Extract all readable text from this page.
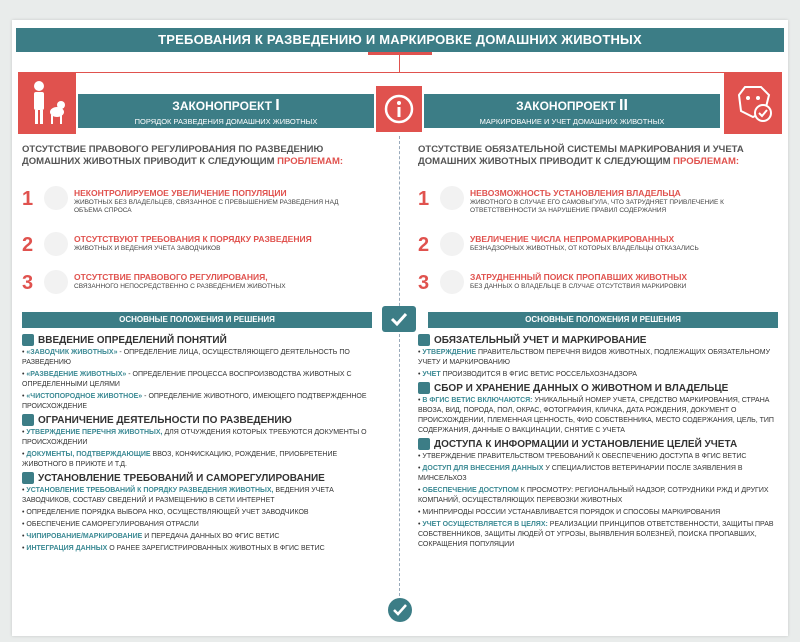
ТРЕБОВАНИЯ К РАЗВЕДЕНИЮ И МАРКИРОВКЕ ДОМАШНИХ ЖИВОТНЫХ
ЗАКОНОПРОЕКТ I
ПОРЯДОК РАЗВЕДЕНИЯ ДОМАШНИХ ЖИВОТНЫХ
ЗАКОНОПРОЕКТ II
МАРКИРОВАНИЕ И УЧЕТ ДОМАШНИХ ЖИВОТНЫХ
ОТСУТСТВИЕ ПРАВОВОГО РЕГУЛИРОВАНИЯ ПО РАЗВЕДЕНИЮ ДОМАШНИХ ЖИВОТНЫХ ПРИВОДИТ К СЛЕДУЮЩИМ ПРОБЛЕМАМ:
ОТСУТСТВИЕ ОБЯЗАТЕЛЬНОЙ СИСТЕМЫ МАРКИРОВАНИЯ И УЧЕТА ДОМАШНИХ ЖИВОТНЫХ ПРИВОДИТ К СЛЕДУЮЩИМ ПРОБЛЕМАМ:
1	НЕКОНТРОЛИРУЕМОЕ УВЕЛИЧЕНИЕ ПОПУЛЯЦИИ
ЖИВОТНЫХ БЕЗ ВЛАДЕЛЬЦЕВ, СВЯЗАННОЕ С ПРЕВЫШЕНИЕМ РАЗВЕДЕНИЯ НАД ОБЪЕМА СПРОСА
2	ОТСУТСТВУЮТ ТРЕБОВАНИЯ К ПОРЯДКУ РАЗВЕДЕНИЯ
ЖИВОТНЫХ И ВЕДЕНИЯ УЧЕТА ЗАВОДЧИКОВ
3	ОТСУТСТВИЕ ПРАВОВОГО РЕГУЛИРОВАНИЯ,
СВЯЗАННОГО НЕПОСРЕДСТВЕННО С РАЗВЕДЕНИЕМ ЖИВОТНЫХ
1	НЕВОЗМОЖНОСТЬ УСТАНОВЛЕНИЯ ВЛАДЕЛЬЦА
ЖИВОТНОГО В СЛУЧАЕ ЕГО САМОВЫГУЛА, ЧТО ЗАТРУДНЯЕТ ПРИВЛЕЧЕНИЕ К ОТВЕТСТВЕННОСТИ ЗА НАРУШЕНИЕ ПРАВИЛ СОДЕРЖАНИЯ
2	УВЕЛИЧЕНИЕ ЧИСЛА НЕПРОМАРКИРОВАННЫХ
БЕЗНАДЗОРНЫХ ЖИВОТНЫХ, ОТ КОТОРЫХ ВЛАДЕЛЬЦЫ ОТКАЗАЛИСЬ
3	ЗАТРУДНЕННЫЙ ПОИСК ПРОПАВШИХ ЖИВОТНЫХ
БЕЗ ДАННЫХ О ВЛАДЕЛЬЦЕ В СЛУЧАЕ ОТСУТСТВИЯ МАРКИРОВКИ
ОСНОВНЫЕ ПОЛОЖЕНИЯ И РЕШЕНИЯ	ОСНОВНЫЕ ПОЛОЖЕНИЯ И РЕШЕНИЯ
ВВЕДЕНИЕ ОПРЕДЕЛЕНИЙ ПОНЯТИЙ
• «ЗАВОДЧИК ЖИВОТНЫХ» - ОПРЕДЕЛЕНИЕ ЛИЦА, ОСУЩЕСТВЛЯЮЩЕГО ДЕЯТЕЛЬНОСТЬ ПО РАЗВЕДЕНИЮ
• «РАЗВЕДЕНИЕ ЖИВОТНЫХ» - ОПРЕДЕЛЕНИЕ ПРОЦЕССА ВОСПРОИЗВОДСТВА ЖИВОТНЫХ С ОПРЕДЕЛЕННЫМИ ЦЕЛЯМИ
• «ЧИСТОПОРОДНОЕ ЖИВОТНОЕ» - ОПРЕДЕЛЕНИЕ ЖИВОТНОГО, ИМЕЮЩЕГО ПОДТВЕРЖДЕННОЕ ПРОИСХОЖДЕНИЕ
ОГРАНИЧЕНИЕ ДЕЯТЕЛЬНОСТИ ПО РАЗВЕДЕНИЮ
• УТВЕРЖДЕНИЕ ПЕРЕЧНЯ ЖИВОТНЫХ, ДЛЯ ОТЧУЖДЕНИЯ КОТОРЫХ ТРЕБУЮТСЯ ДОКУМЕНТЫ О ПРОИСХОЖДЕНИИ
• ДОКУМЕНТЫ, ПОДТВЕРЖДАЮЩИЕ ВВОЗ, КОНФИСКАЦИЮ, РОЖДЕНИЕ, ПРИОБРЕТЕНИЕ ЖИВОТНОГО В ПРИЮТЕ И Т.Д.
УСТАНОВЛЕНИЕ ТРЕБОВАНИЙ И САМОРЕГУЛИРОВАНИЕ
• УСТАНОВЛЕНИЕ ТРЕБОВАНИЙ К ПОРЯДКУ РАЗВЕДЕНИЯ ЖИВОТНЫХ, ВЕДЕНИЯ УЧЕТА ЗАВОДЧИКОВ, СОСТАВУ СВЕДЕНИЙ И РАЗМЕЩЕНИЮ В СЕТИ ИНТЕРНЕТ
• ОПРЕДЕЛЕНИЕ ПОРЯДКА ВЫБОРА НКО, ОСУЩЕСТВЛЯЮЩЕЙ УЧЕТ ЗАВОДЧИКОВ
• ОБЕСПЕЧЕНИЕ САМОРЕГУЛИРОВАНИЯ ОТРАСЛИ
• ЧИПИРОВАНИЕ/МАРКИРОВАНИЕ И ПЕРЕДАЧА ДАННЫХ ВО ФГИС ВЕТИС
• ИНТЕГРАЦИЯ ДАННЫХ О РАНЕЕ ЗАРЕГИСТРИРОВАННЫХ ЖИВОТНЫХ В ФГИС ВЕТИС
ОБЯЗАТЕЛЬНЫЙ УЧЕТ И МАРКИРОВАНИЕ
• УТВЕРЖДЕНИЕ ПРАВИТЕЛЬСТВОМ ПЕРЕЧНЯ ВИДОВ ЖИВОТНЫХ, ПОДЛЕЖАЩИХ ОБЯЗАТЕЛЬНОМУ УЧЕТУ И МАРКИРОВАНИЮ
• УЧЕТ ПРОИЗВОДИТСЯ В ФГИС ВЕТИС РОССЕЛЬХОЗНАДЗОРА
СБОР И ХРАНЕНИЕ ДАННЫХ О ЖИВОТНОМ И ВЛАДЕЛЬЦЕ
• В ФГИС ВЕТИС ВКЛЮЧАЮТСЯ: УНИКАЛЬНЫЙ НОМЕР УЧЕТА, СРЕДСТВО МАРКИРОВАНИЯ, СТРАНА ВВОЗА, ВИД, ПОРОДА, ПОЛ, ОКРАС, ФОТОГРАФИЯ, КЛИЧКА, ДАТА РОЖДЕНИЯ, ДОКУМЕНТ О ПРОИСХОЖДЕНИИ, ПЛЕМЕННАЯ ЦЕННОСТЬ, ФИО СОБСТВЕННИКА, МЕСТО СОДЕРЖАНИЯ, ЦЕЛЬ, ТИП СОДЕРЖАНИЯ, ДАННЫЕ О ВАКЦИНАЦИИ, СНЯТИЕ С УЧЕТА
ДОСТУПА К ИНФОРМАЦИИ И УСТАНОВЛЕНИЕ ЦЕЛЕЙ УЧЕТА
• УТВЕРЖДЕНИЕ ПРАВИТЕЛЬСТВОМ ТРЕБОВАНИЙ К ОБЕСПЕЧЕНИЮ ДОСТУПА В ФГИС ВЕТИС
• ДОСТУП ДЛЯ ВНЕСЕНИЯ ДАННЫХ У СПЕЦИАЛИСТОВ ВЕТЕРИНАРИИ ПОСЛЕ ЗАЯВЛЕНИЯ В МИНСЕЛЬХОЗ
• ОБЕСПЕЧЕНИЕ ДОСТУПОМ К ПРОСМОТРУ: РЕГИОНАЛЬНЫЙ НАДЗОР, СОТРУДНИКИ РЖД И ДРУГИХ КОМПАНИЙ, ОСУЩЕСТВЛЯЮЩИХ ПЕРЕВОЗКИ ЖИВОТНЫХ
• МИНПРИРОДЫ РОССИИ УСТАНАВЛИВАЕТСЯ ПОРЯДОК И СПОСОБЫ МАРКИРОВАНИЯ
• УЧЕТ ОСУЩЕСТВЛЯЕТСЯ В ЦЕЛЯХ: РЕАЛИЗАЦИИ ПРИНЦИПОВ ОТВЕТСТВЕННОСТИ, ЗАЩИТЫ ПРАВ СОБСТВЕННИКОВ, ЗАЩИТЫ ЛЮДЕЙ ОТ УГРОЗЫ, ВЫЯВЛЕНИЯ БОЛЕЗНЕЙ, ПОИСКА ПРОПАВШИХ, СОКРАЩЕНИЯ ПОПУЛЯЦИИ
